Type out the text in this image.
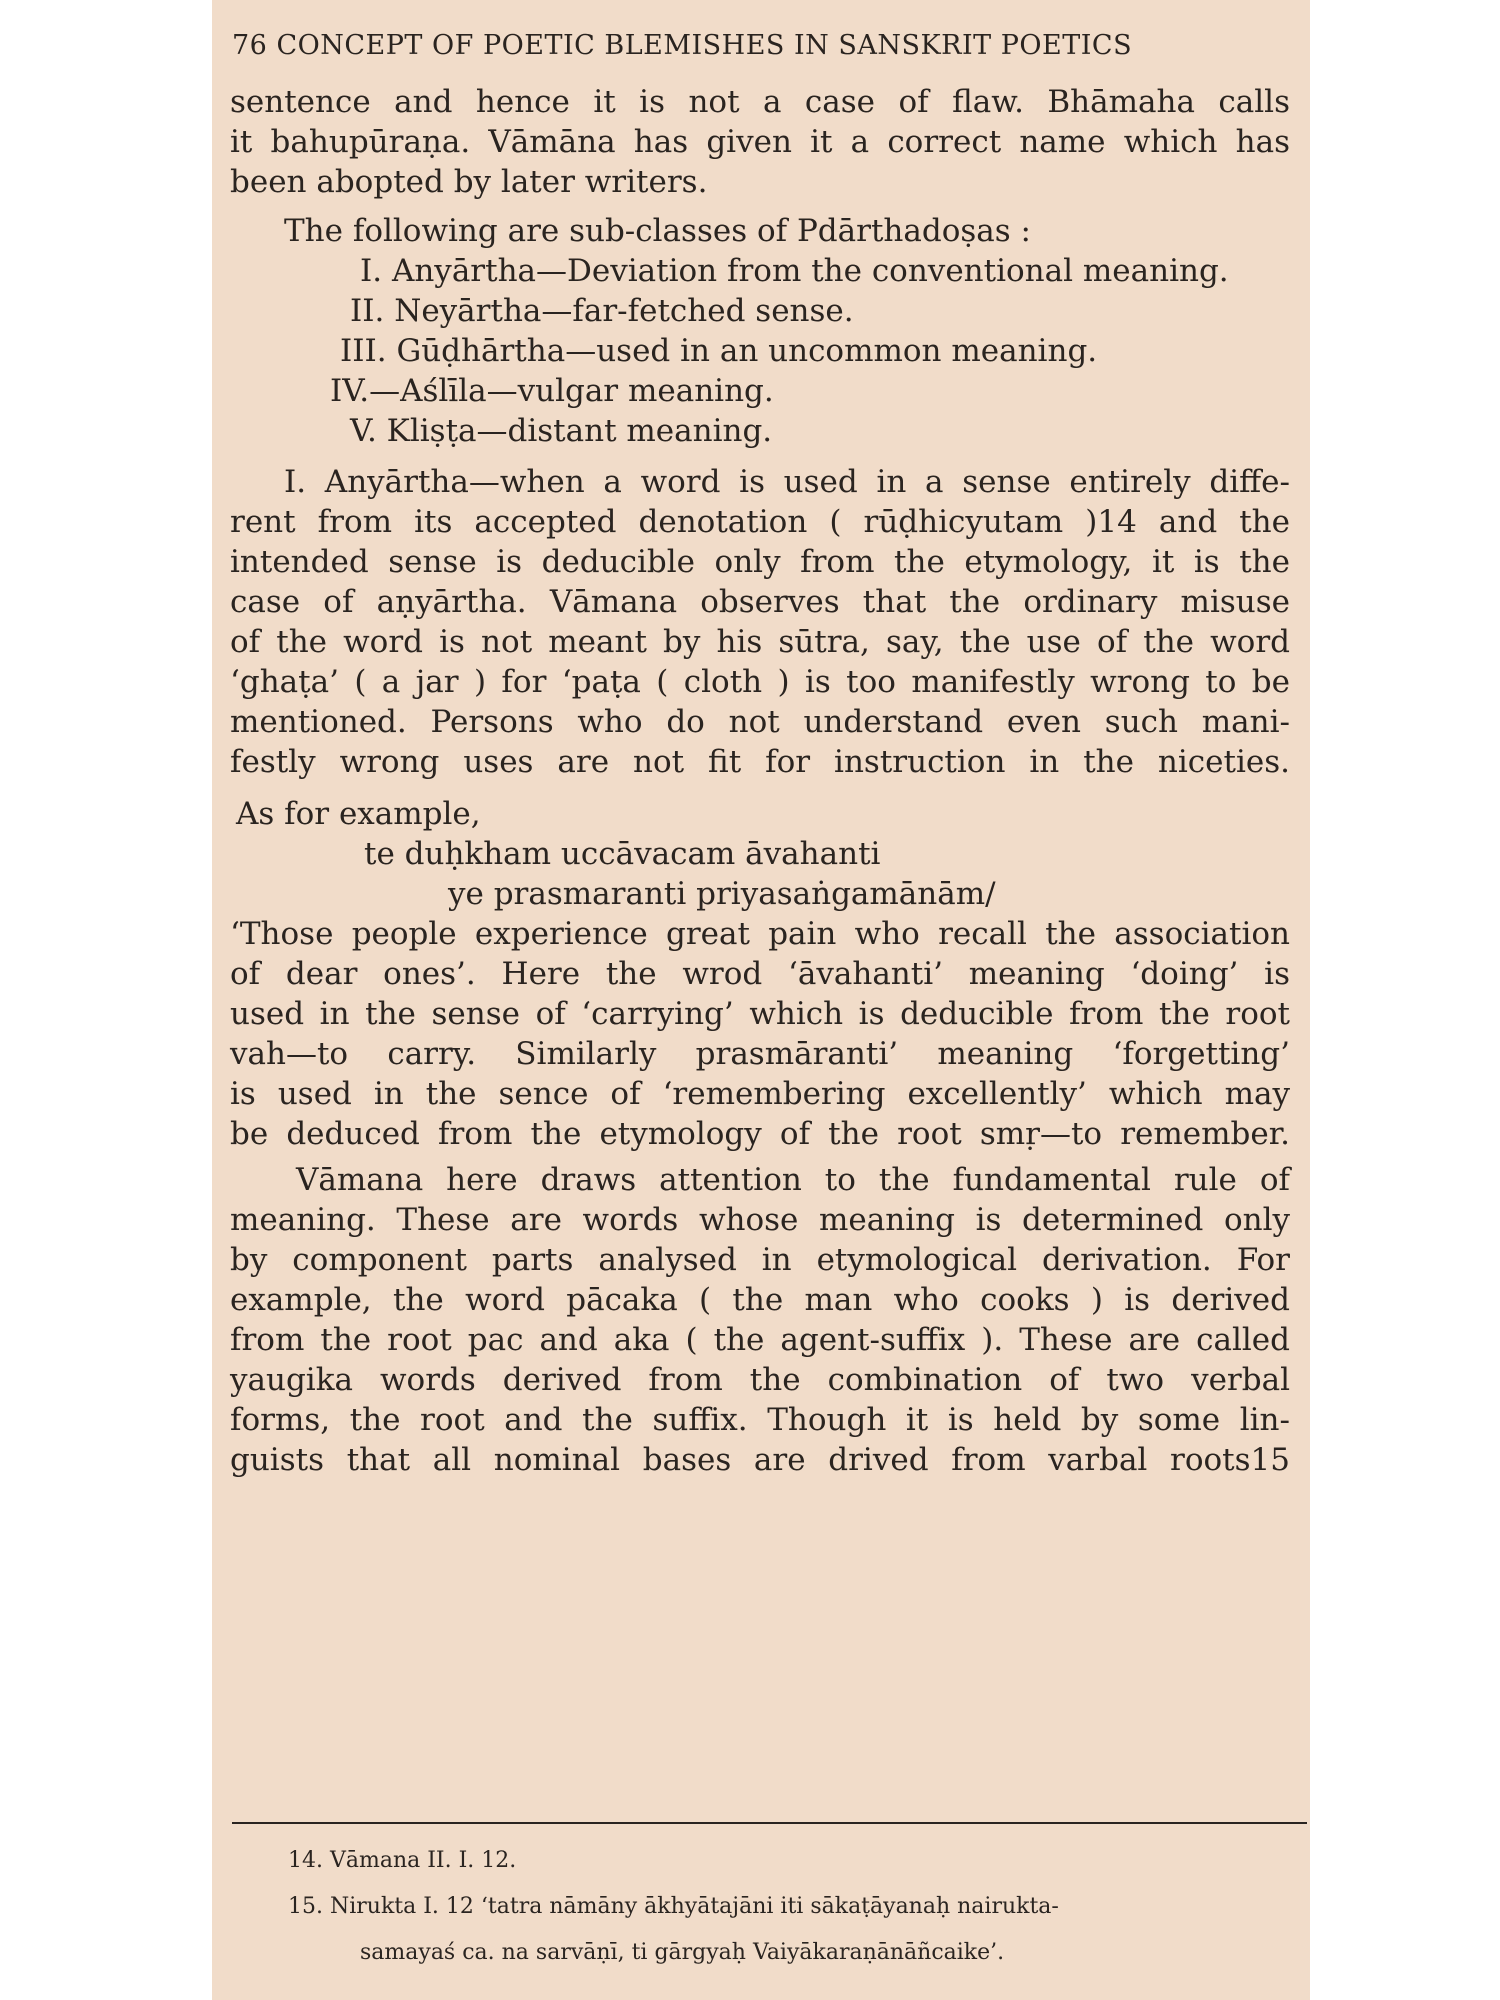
76 CONCEPT OF POETIC BLEMISHES IN SANSKRIT POETICS
sentence and hence it is not a case of flaw. Bhāmaha calls
it bahupūraṇa. Vāmāna has given it a correct name which has
been abopted by later writers.
The following are sub-classes of Pdārthadoṣas :
I. Anyārtha—Deviation from the conventional meaning.
II. Neyārtha—far-fetched sense.
III. Gūḍhārtha—used in an uncommon meaning.
IV.—Aślīla—vulgar meaning.
V. Kliṣṭa—distant meaning.
I. Anyārtha—when a word is used in a sense entirely diffe-
rent from its accepted denotation ( rūḍhicyutam )14 and the
intended sense is deducible only from the etymology, it is the
case of aṇyārtha. Vāmana observes that the ordinary misuse
of the word is not meant by his sūtra, say, the use of the word
‘ghaṭa’ ( a jar ) for ‘paṭa ( cloth ) is too manifestly wrong to be
mentioned. Persons who do not understand even such mani-
festly wrong uses are not fit for instruction in the niceties.
As for example,
te duḥkham uccāvacam āvahanti
ye prasmaranti priyasaṅgamānām/
‘Those people experience great pain who recall the association
of dear ones’. Here the wrod ‘āvahanti’ meaning ‘doing’ is
used in the sense of ‘carrying’ which is deducible from the root
vah—to carry. Similarly prasmāranti’ meaning ‘forgetting’
is used in the sence of ‘remembering excellently’ which may
be deduced from the etymology of the root smṛ—to remember.
Vāmana here draws attention to the fundamental rule of
meaning. These are words whose meaning is determined only
by component parts analysed in etymological derivation. For
example, the word pācaka ( the man who cooks ) is derived
from the root pac and aka ( the agent-suffix ). These are called
yaugika words derived from the combination of two verbal
forms, the root and the suffix. Though it is held by some lin-
guists that all nominal bases are drived from varbal roots15
14. Vāmana II. I. 12.
15. Nirukta I. 12 ‘tatra nāmāny ākhyātajāni iti sākaṭāyanaḥ nairukta-
samayaś ca. na sarvāṇī, ti gārgyaḥ Vaiyākaraṇānāñcaike’.
